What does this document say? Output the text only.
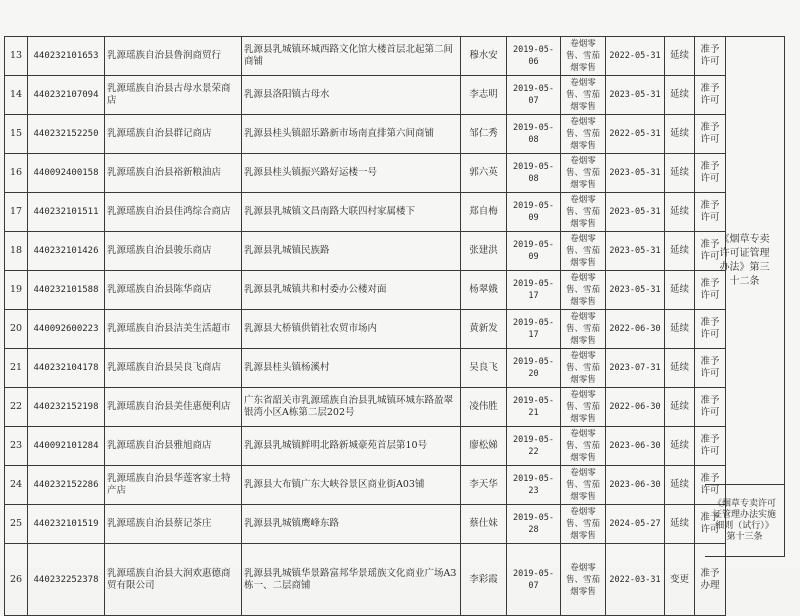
13	440232101653	乳源瑶族自治县鲁润商贸行	乳源县乳城镇环城西路文化馆大楼首层北起第二间商铺	穆水安	2019-05-06	卷烟零售、雪茄烟零售	2022-05-31	延续	准予许可
14	440232107094	乳源瑶族自治县古母水景荣商店	乳源县洛阳镇古母水	李志明	2019-05-07	卷烟零售、雪茄烟零售	2023-05-31	延续	准予许可
15	440232152250	乳源瑶族自治县群记商店	乳源县桂头镇韶乐路新市场南直排第六间商铺	邹仁秀	2019-05-08	卷烟零售、雪茄烟零售	2022-05-31	延续	准予许可
16	440092400158	乳源瑶族自治县裕新粮油店	乳源县桂头镇振兴路好运楼一号	郭六英	2019-05-08	卷烟零售、雪茄烟零售	2023-05-31	延续	准予许可
17	440232101511	乳源瑶族自治县佳鸿综合商店	乳源县乳城镇文昌南路大联四村家属楼下	郑自梅	2019-05-09	卷烟零售、雪茄烟零售	2023-05-31	延续	准予许可
18	440232101426	乳源瑶族自治县骏乐商店	乳源县乳城镇民族路	张建洪	2019-05-09	卷烟零售、雪茄烟零售	2023-05-31	延续	准予许可
19	440232101588	乳源瑶族自治县陈华商店	乳源县乳城镇共和村委办公楼对面	杨翠娥	2019-05-17	卷烟零售、雪茄烟零售	2023-05-31	延续	准予许可
20	440092600223	乳源瑶族自治县洁美生活超市	乳源县大桥镇供销社农贸市场内	黄新发	2019-05-17	卷烟零售、雪茄烟零售	2022-06-30	延续	准予许可
21	440232104178	乳源瑶族自治县吴良飞商店	乳源县桂头镇杨溪村	吴良飞	2019-05-20	卷烟零售、雪茄烟零售	2023-07-31	延续	准予许可
22	440232152198	乳源瑶族自治县美佳惠便利店	广东省韶关市乳源瑶族自治县乳城镇环城东路盈翠银湾小区A栋第二层202号	凌伟胜	2019-05-21	卷烟零售、雪茄烟零售	2022-06-30	延续	准予许可
23	440092101284	乳源瑶族自治县雅旭商店	乳源县乳城镇鲜明北路新城豪苑首层第10号	廖松娣	2019-05-22	卷烟零售、雪茄烟零售	2023-06-30	延续	准予许可
24	440232152286	乳源瑶族自治县华莲客家土特产店	乳源县大布镇广东大峡谷景区商业街A03铺	李天华	2019-05-23	卷烟零售、雪茄烟零售	2023-06-30	延续	准予许可
25	440232101519	乳源瑶族自治县蔡记茶庄	乳源县乳城镇鹰峰东路	蔡仕妹	2019-05-28	卷烟零售、雪茄烟零售	2024-05-27	延续	准予许可
26	440232252378	乳源瑶族自治县大润欢惠德商贸有限公司	乳源县乳城镇华景路富邦华景瑶族文化商业广场A3栋一、二层商铺	李彩霞	2019-05-07	卷烟零售、雪茄烟零售	2022-03-31	变更	准予办理
《烟草专卖许可证管理办法》第三十二条
《烟草专卖许可证管理办法实施细则（试行）》第十三条
